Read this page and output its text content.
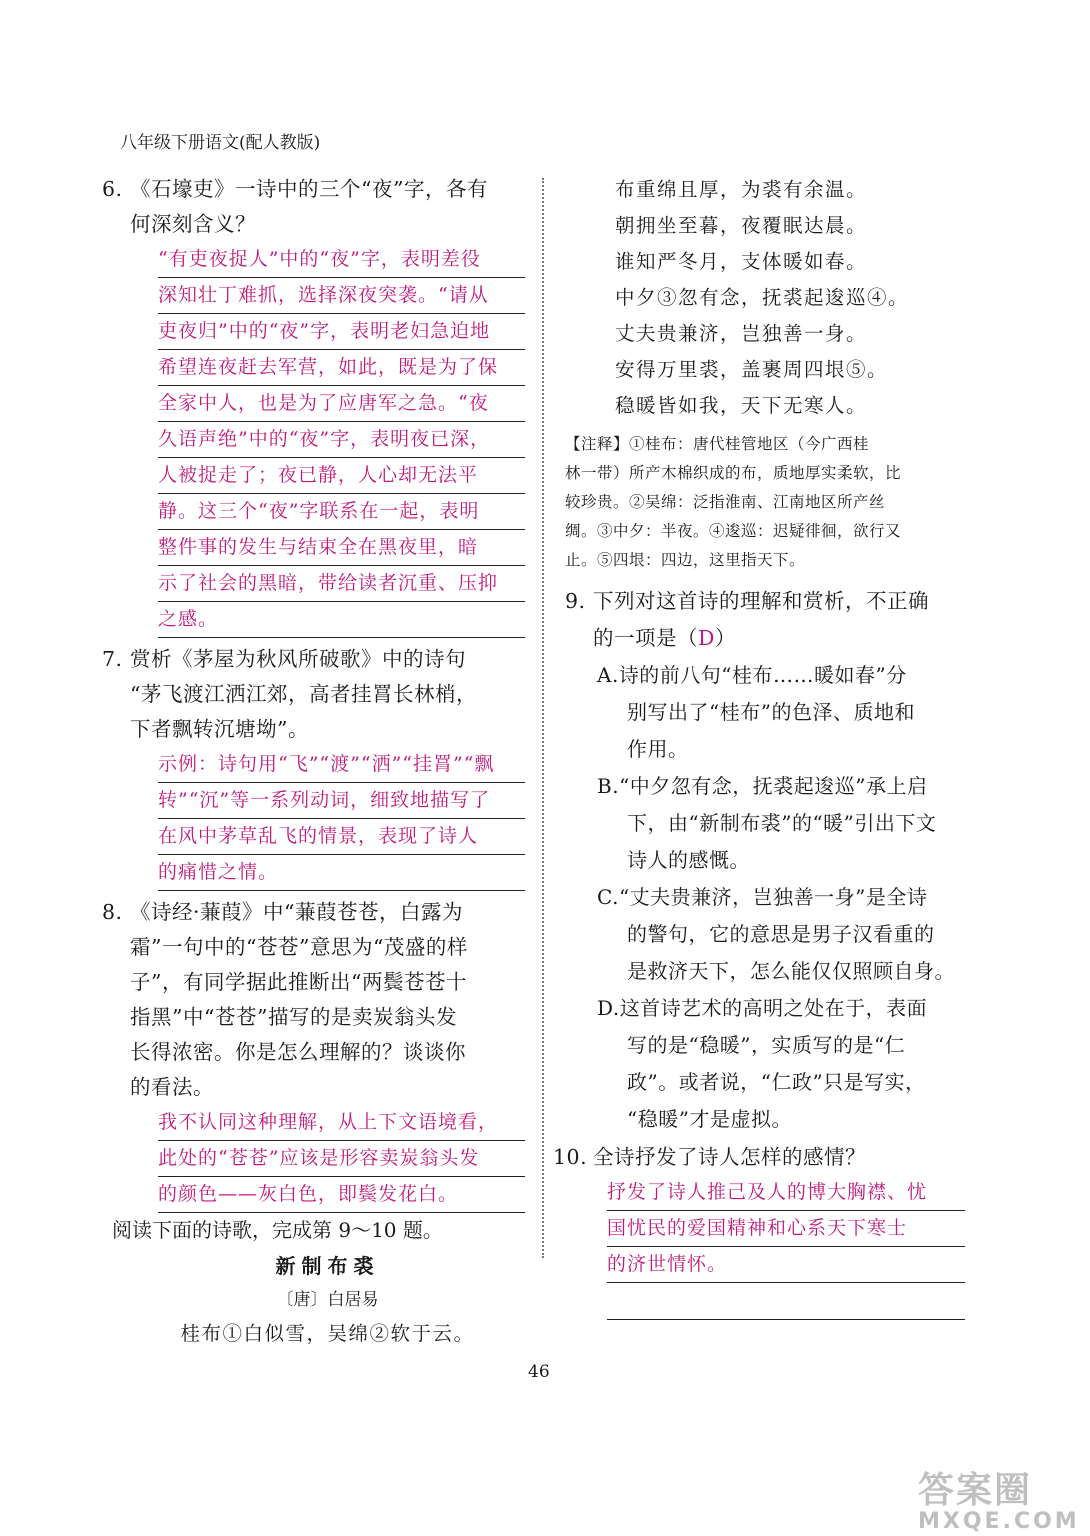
八年级下册语文(配人教版)
6. 《石壕吏》一诗中的三个“夜”字，各有
何深刻含义？
“有吏夜捉人”中的“夜”字，表明差役
深知壮丁难抓，选择深夜突袭。“请从
吏夜归”中的“夜”字，表明老妇急迫地
希望连夜赶去军营，如此，既是为了保
全家中人，也是为了应唐军之急。“夜
久语声绝”中的“夜”字，表明夜已深，
人被捉走了；夜已静，人心却无法平
静。这三个“夜”字联系在一起，表明
整件事的发生与结束全在黑夜里，暗
示了社会的黑暗，带给读者沉重、压抑
之感。
7. 赏析《茅屋为秋风所破歌》中的诗句
“茅飞渡江洒江郊，高者挂罥长林梢，
下者飘转沉塘坳”。
示例：诗句用“飞”“渡”“洒”“挂罥”“飘
转”“沉”等一系列动词，细致地描写了
在风中茅草乱飞的情景，表现了诗人
的痛惜之情。
8. 《诗经·蒹葭》中“蒹葭苍苍，白露为
霜”一句中的“苍苍”意思为“茂盛的样
子”，有同学据此推断出“两鬓苍苍十
指黑”中“苍苍”描写的是卖炭翁头发
长得浓密。你是怎么理解的？谈谈你
的看法。
我不认同这种理解，从上下文语境看，
此处的“苍苍”应该是形容卖炭翁头发
的颜色——灰白色，即鬓发花白。
阅读下面的诗歌，完成第 9～10 题。
新制布裘
〔唐〕白居易
桂布①白似雪，吴绵②软于云。
布重绵且厚，为裘有余温。
朝拥坐至暮，夜覆眠达晨。
谁知严冬月，支体暖如春。
中夕③忽有念，抚裘起逡巡④。
丈夫贵兼济，岂独善一身。
安得万里裘，盖裹周四垠⑤。
稳暖皆如我，天下无寒人。
【注释】①桂布：唐代桂管地区（今广西桂
林一带）所产木棉织成的布，质地厚实柔软，比
较珍贵。②吴绵：泛指淮南、江南地区所产丝
绸。③中夕：半夜。④逡巡：迟疑徘徊，欲行又
止。⑤四垠：四边，这里指天下。
9. 下列对这首诗的理解和赏析，不正确
的一项是（D）
A.诗的前八句“桂布……暖如春”分
别写出了“桂布”的色泽、质地和
作用。
B.“中夕忽有念，抚裘起逡巡”承上启
下，由“新制布裘”的“暖”引出下文
诗人的感慨。
C.“丈夫贵兼济，岂独善一身”是全诗
的警句，它的意思是男子汉看重的
是救济天下，怎么能仅仅照顾自身。
D.这首诗艺术的高明之处在于，表面
写的是“稳暖”，实质写的是“仁
政”。或者说，“仁政”只是写实，
“稳暖”才是虚拟。
10. 全诗抒发了诗人怎样的感情？
抒发了诗人推己及人的博大胸襟、忧
国忧民的爱国精神和心系天下寒士
的济世情怀。
46
答案圈
MXQE.COM
